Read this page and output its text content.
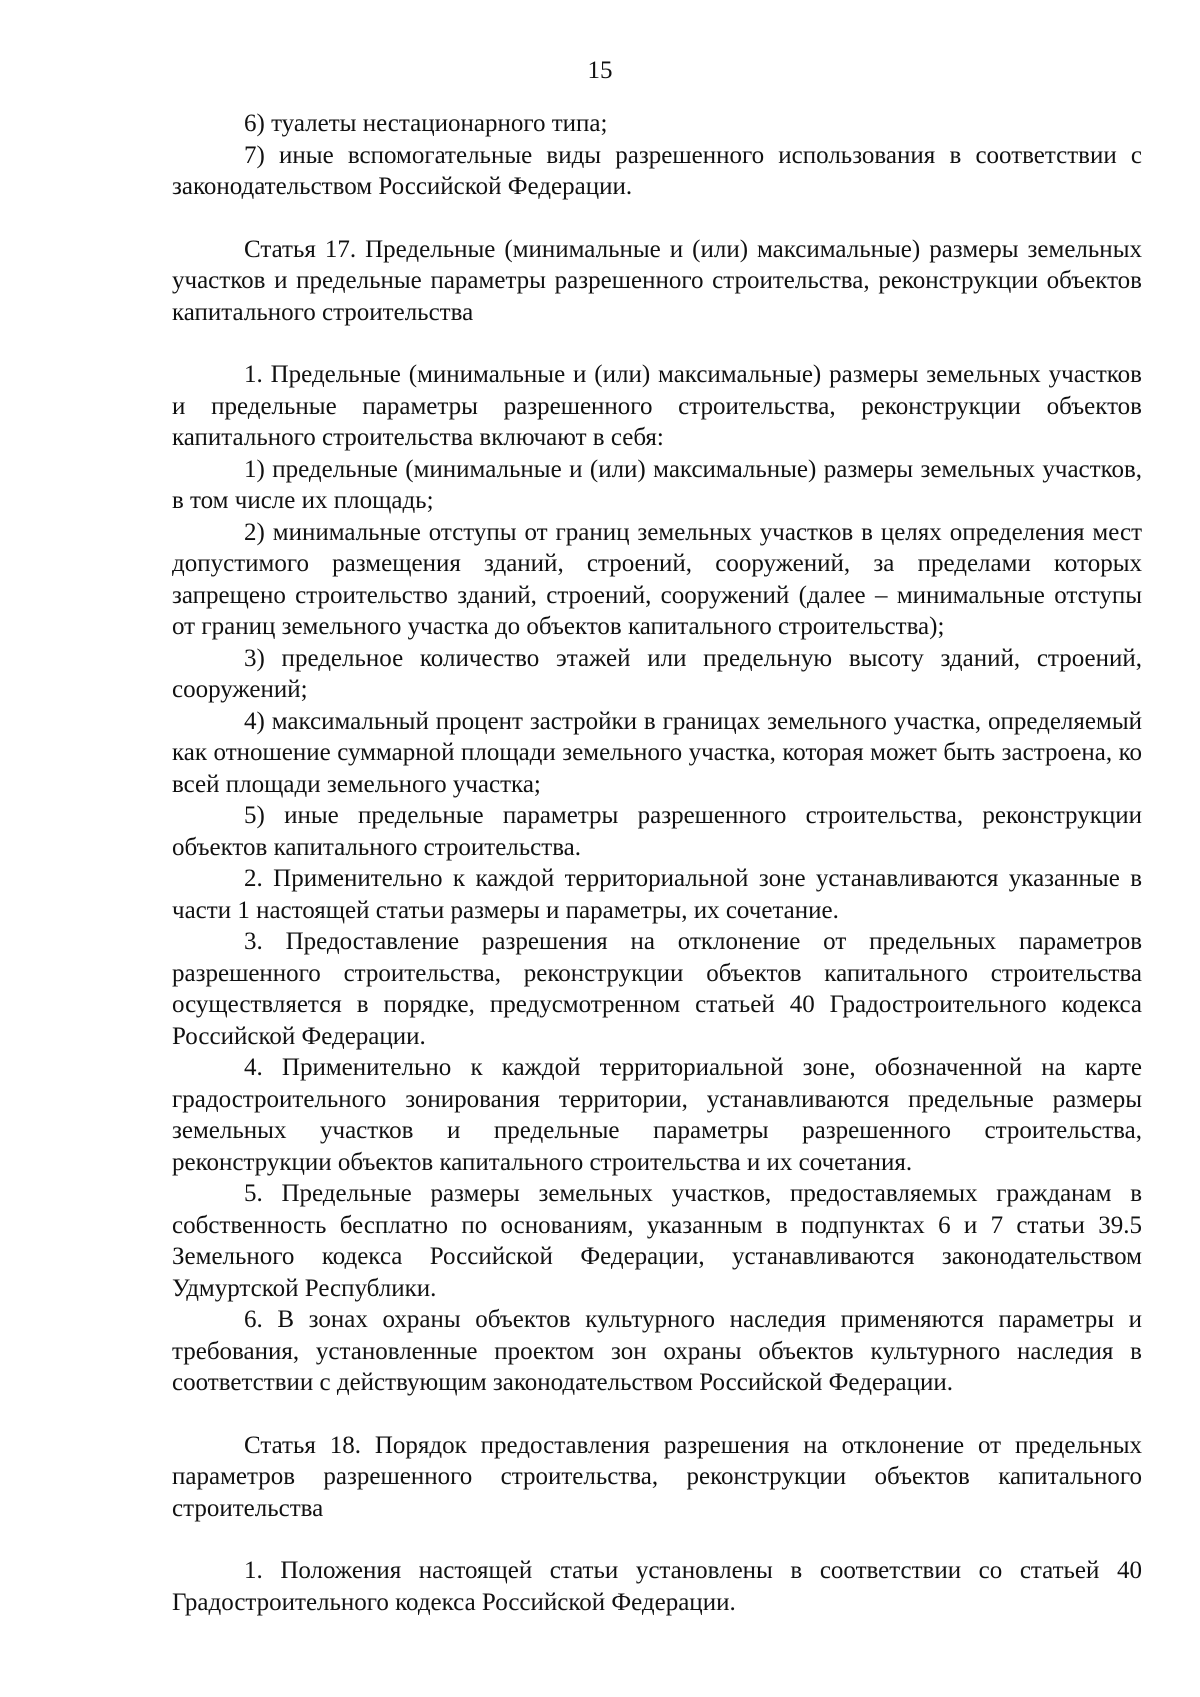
15

6) туалеты нестационарного типа;

7) иные вспомогательные виды разрешенного использования в соответствии с законодательством Российской Федерации.

Статья 17. Предельные (минимальные и (или) максимальные) размеры земельных участков и предельные параметры разрешенного строительства, реконструкции объектов капитального строительства

1. Предельные (минимальные и (или) максимальные) размеры земельных участков и предельные параметры разрешенного строительства, реконструкции объектов капитального строительства включают в себя:

1) предельные (минимальные и (или) максимальные) размеры земельных участков, в том числе их площадь;

2) минимальные отступы от границ земельных участков в целях определения мест допустимого размещения зданий, строений, сооружений, за пределами которых запрещено строительство зданий, строений, сооружений (далее – минимальные отступы от границ земельного участка до объектов капитального строительства);

3) предельное количество этажей или предельную высоту зданий, строений, сооружений;

4) максимальный процент застройки в границах земельного участка, определяемый как отношение суммарной площади земельного участка, которая может быть застроена, ко всей площади земельного участка;

5) иные предельные параметры разрешенного строительства, реконструкции объектов капитального строительства.

2. Применительно к каждой территориальной зоне устанавливаются указанные в части 1 настоящей статьи размеры и параметры, их сочетание.

3. Предоставление разрешения на отклонение от предельных параметров разрешенного строительства, реконструкции объектов капитального строительства осуществляется в порядке, предусмотренном статьей 40 Градостроительного кодекса Российской Федерации.

4. Применительно к каждой территориальной зоне, обозначенной на карте градостроительного зонирования территории, устанавливаются предельные размеры земельных участков и предельные параметры разрешенного строительства, реконструкции объектов капитального строительства и их сочетания.

5. Предельные размеры земельных участков, предоставляемых гражданам в собственность бесплатно по основаниям, указанным в подпунктах 6 и 7 статьи 39.5 Земельного кодекса Российской Федерации, устанавливаются законодательством Удмуртской Республики.

6. В зонах охраны объектов культурного наследия применяются параметры и требования, установленные проектом зон охраны объектов культурного наследия в соответствии с действующим законодательством Российской Федерации.

Статья 18. Порядок предоставления разрешения на отклонение от предельных параметров разрешенного строительства, реконструкции объектов капитального строительства

1. Положения настоящей статьи установлены в соответствии со статьей 40 Градостроительного кодекса Российской Федерации.
